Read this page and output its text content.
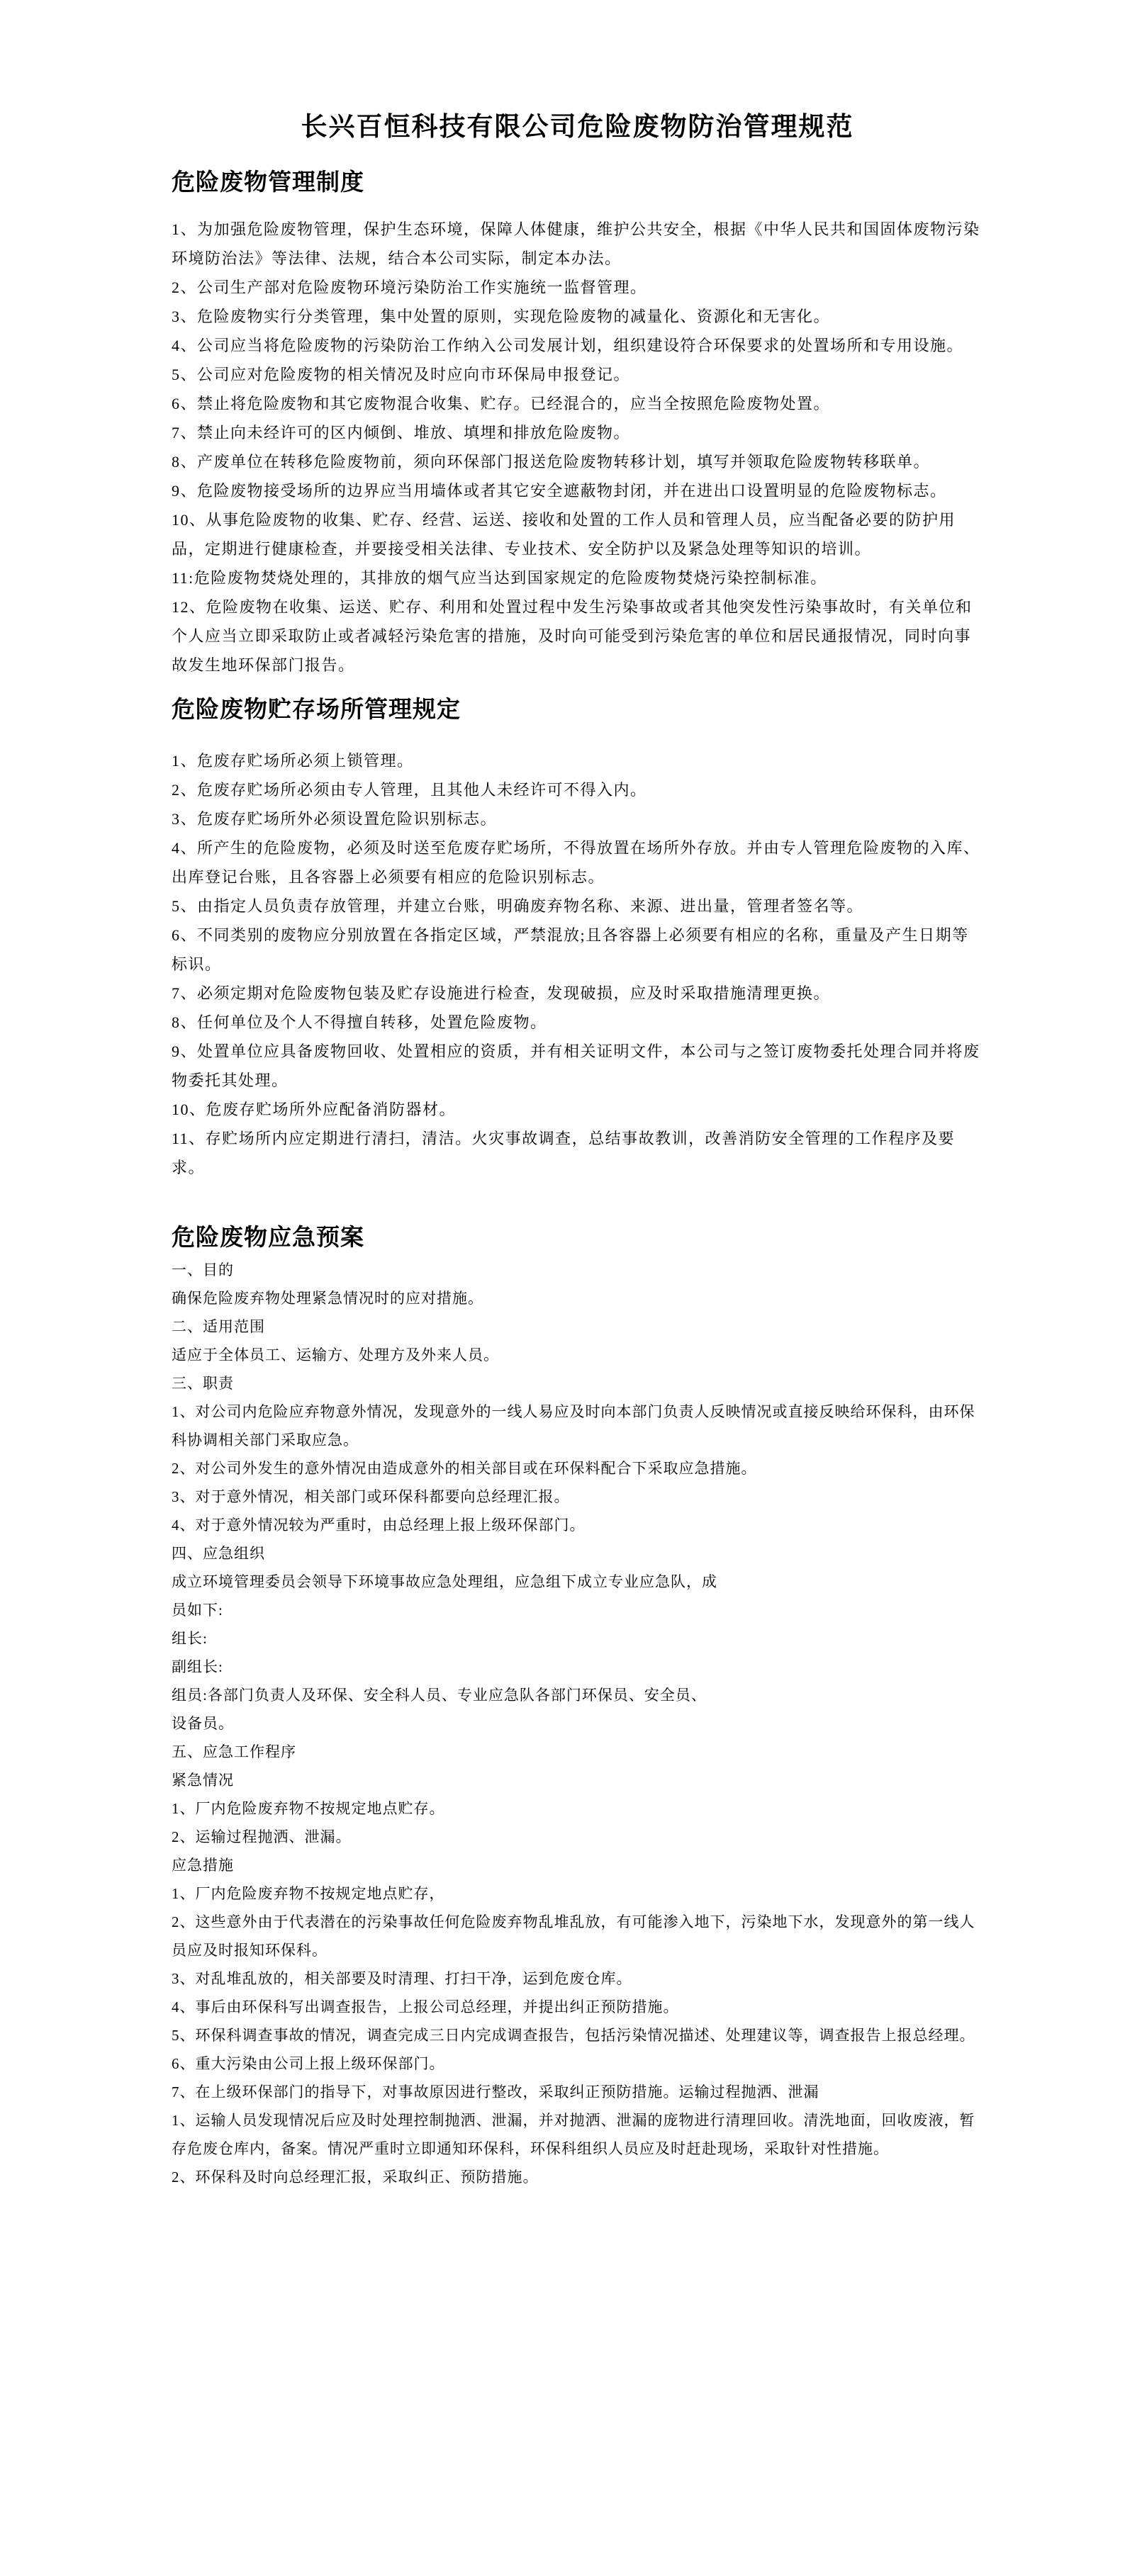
长兴百恒科技有限公司危险废物防治管理规范
危险废物管理制度

1、为加强危险废物管理，保护生态环境，保障人体健康，维护公共安全，根据《中华人民共和国固体废物污染环境防治法》等法律、法规，结合本公司实际，制定本办法。

2、公司生产部对危险废物环境污染防治工作实施统一监督管理。

3、危险废物实行分类管理，集中处置的原则，实现危险废物的减量化、资源化和无害化。

4、公司应当将危险废物的污染防治工作纳入公司发展计划，组织建设符合环保要求的处置场所和专用设施。

5、公司应对危险废物的相关情况及时应向市环保局申报登记。

6、禁止将危险废物和其它废物混合收集、贮存。已经混合的，应当全按照危险废物处置。

7、禁止向未经许可的区内倾倒、堆放、填埋和排放危险废物。

8、产废单位在转移危险废物前，须向环保部门报送危险废物转移计划，填写并领取危险废物转移联单。

9、危险废物接受场所的边界应当用墙体或者其它安全遮蔽物封闭，并在进出口设置明显的危险废物标志。

10、从事危险废物的收集、贮存、经营、运送、接收和处置的工作人员和管理人员，应当配备必要的防护用品，定期进行健康检查，并要接受相关法律、专业技术、安全防护以及紧急处理等知识的培训。

11:危险废物焚烧处理的，其排放的烟气应当达到国家规定的危险废物焚烧污染控制标准。

12、危险废物在收集、运送、贮存、利用和处置过程中发生污染事故或者其他突发性污染事故时，有关单位和个人应当立即采取防止或者减轻污染危害的措施，及时向可能受到污染危害的单位和居民通报情况，同时向事故发生地环保部门报告。

危险废物贮存场所管理规定

1、危废存贮场所必须上锁管理。

2、危废存贮场所必须由专人管理，且其他人未经许可不得入内。

3、危废存贮场所外必须设置危险识别标志。

4、所产生的危险废物，必须及时送至危废存贮场所，不得放置在场所外存放。并由专人管理危险废物的入库、出库登记台账，且各容器上必须要有相应的危险识别标志。

5、由指定人员负责存放管理，并建立台账，明确废弃物名称、来源、进出量，管理者签名等。

6、不同类别的废物应分别放置在各指定区域，严禁混放;且各容器上必须要有相应的名称，重量及产生日期等标识。

7、必须定期对危险废物包装及贮存设施进行检查，发现破损，应及时采取措施清理更换。

8、任何单位及个人不得擅自转移，处置危险废物。

9、处置单位应具备废物回收、处置相应的资质，并有相关证明文件，本公司与之签订废物委托处理合同并将废物委托其处理。

10、危废存贮场所外应配备消防器材。

11、存贮场所内应定期进行清扫，清洁。火灾事故调查，总结事故教训，改善消防安全管理的工作程序及要求。

危险废物应急预案

一、目的

确保危险废弃物处理紧急情况时的应对措施。

二、适用范围

适应于全体员工、运输方、处理方及外来人员。

三、职责

1、对公司内危险应弃物意外情况，发现意外的一线人易应及时向本部门负责人反映情况或直接反映给环保科，由环保科协调相关部门采取应急。

2、对公司外发生的意外情况由造成意外的相关部目或在环保料配合下采取应急措施。

3、对于意外情况，相关部门或环保科都要向总经理汇报。

4、对于意外情况较为严重时，由总经理上报上级环保部门。

四、应急组织

成立环境管理委员会领导下环境事故应急处理组，应急组下成立专业应急队，成

员如下:

组长:

副组长:

组员:各部门负责人及环保、安全科人员、专业应急队各部门环保员、安全员、

设备员。

五、应急工作程序

紧急情况

1、厂内危险废弃物不按规定地点贮存。

2、运输过程抛洒、泄漏。

应急措施

1、厂内危险废弃物不按规定地点贮存，

2、这些意外由于代表潜在的污染事故任何危险废弃物乱堆乱放，有可能渗入地下，污染地下水，发现意外的第一线人员应及时报知环保科。

3、对乱堆乱放的，相关部要及时清理、打扫干净，运到危废仓库。

4、事后由环保科写出调查报告，上报公司总经理，并提出纠正预防措施。

5、环保科调查事故的情况，调查完成三日内完成调查报告，包括污染情况描述、处理建议等，调查报告上报总经理。

6、重大污染由公司上报上级环保部门。

7、在上级环保部门的指导下，对事故原因进行整改，采取纠正预防措施。运输过程抛洒、泄漏

1、运输人员发现情况后应及时处理控制抛洒、泄漏，并对抛洒、泄漏的庞物进行清理回收。清洗地面，回收废液，暂存危废仓库内，备案。情况严重时立即通知环保科，环保科组织人员应及时赶赴现场，采取针对性措施。

2、环保科及时向总经理汇报，采取纠正、预防措施。
